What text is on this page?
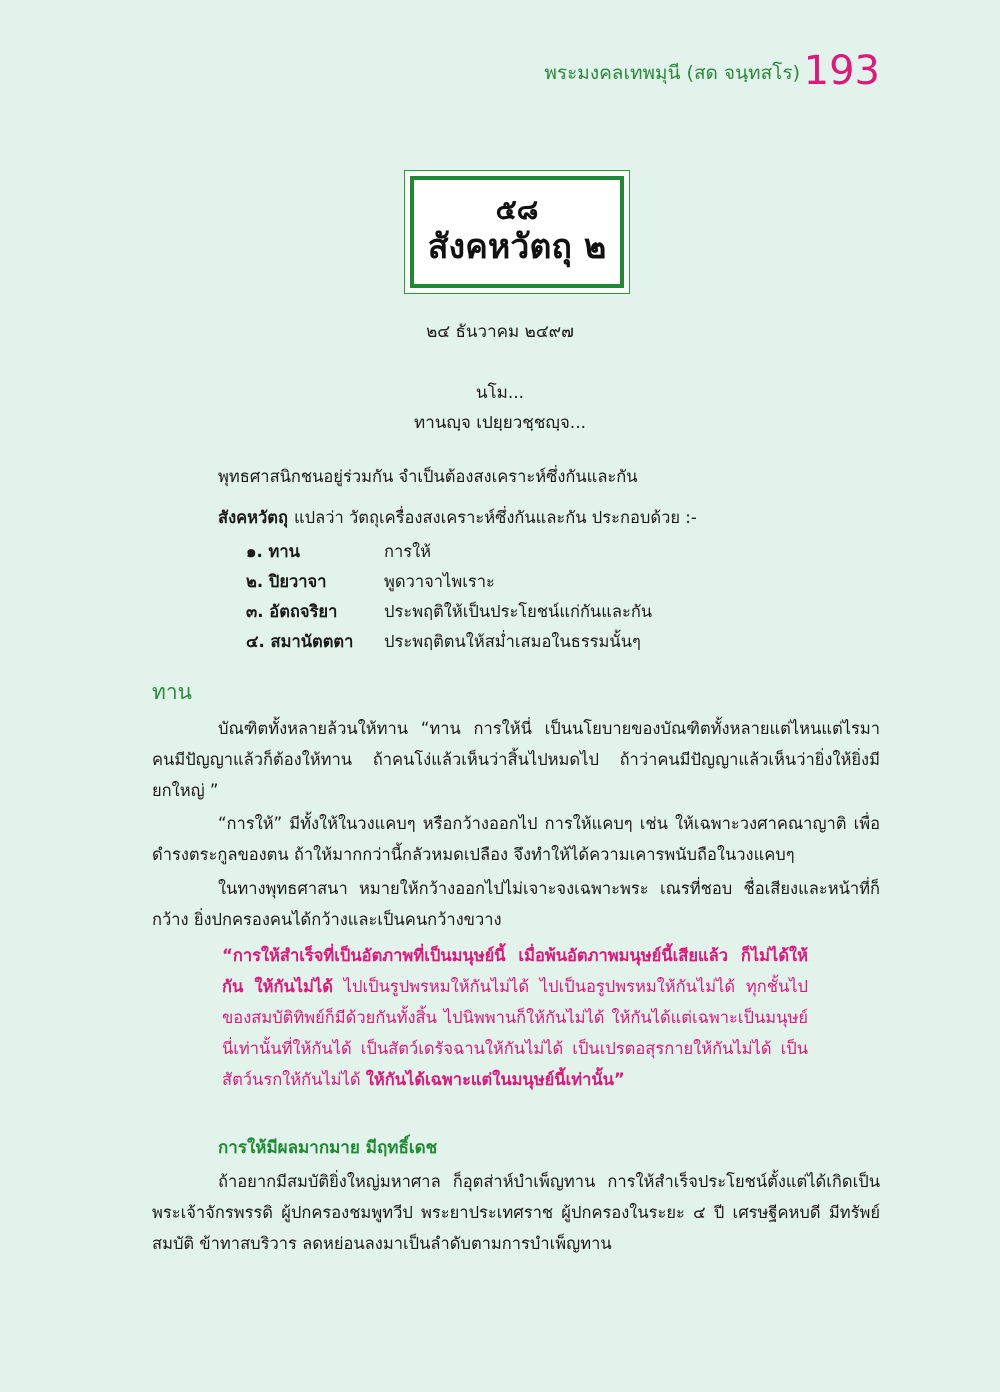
พระมงคลเทพมุนี (สด จนฺทสโร) 193
๕๘
สังคหวัตถุ ๒
๒๔ ธันวาคม ๒๔๙๗
นโม...
ทานญฺจ เปยฺยวชฺชญฺจ...
พุทธศาสนิกชนอยู่ร่วมกัน จำเป็นต้องสงเคราะห์ซึ่งกันและกัน
สังคหวัตถุ แปลว่า วัตถุเครื่องสงเคราะห์ซึ่งกันและกัน ประกอบด้วย :-
๑. ทาน	การให้
๒. ปิยวาจา	พูดวาจาไพเราะ
๓. อัตถจริยา	ประพฤติให้เป็นประโยชน์แก่กันและกัน
๔. สมานัตตตา	ประพฤติตนให้สม่ำเสมอในธรรมนั้นๆ
ทาน
บัณฑิตทั้งหลายล้วนให้ทาน “ทาน การให้นี่ เป็นนโยบายของบัณฑิตทั้งหลายแต่ไหนแต่ไรมา คนมีปัญญาแล้วก็ต้องให้ทาน ถ้าคนโง่แล้วเห็นว่าสิ้นไปหมดไป ถ้าว่าคนมีปัญญาแล้วเห็นว่ายิ่งให้ยิ่งมียกใหญ่ ”
“การให้” มีทั้งให้ในวงแคบๆ หรือกว้างออกไป การให้แคบๆ เช่น ให้เฉพาะวงศาคณาญาติ เพื่อดำรงตระกูลของตน ถ้าให้มากกว่านี้กลัวหมดเปลือง จึงทำให้ได้ความเคารพนับถือในวงแคบๆ
ในทางพุทธศาสนา หมายให้กว้างออกไปไม่เจาะจงเฉพาะพระ เณรที่ชอบ ชื่อเสียงและหน้าที่ก็กว้าง ยิ่งปกครองคนได้กว้างและเป็นคนกว้างขวาง
“การให้สำเร็จที่เป็นอัตภาพที่เป็นมนุษย์นี้ เมื่อพ้นอัตภาพมนุษย์นี้เสียแล้ว ก็ไม่ได้ให้กัน ให้กันไม่ได้ ไปเป็นรูปพรหมให้กันไม่ได้ ไปเป็นอรูปพรหมให้กันไม่ได้ ทุกชั้นไป ของสมบัติทิพย์ก็มีด้วยกันทั้งสิ้น ไปนิพพานก็ให้กันไม่ได้ ให้กันได้แต่เฉพาะเป็นมนุษย์นี่เท่านั้นที่ให้กันได้ เป็นสัตว์เดรัจฉานให้กันไม่ได้ เป็นเปรตอสุรกายให้กันไม่ได้ เป็นสัตว์นรกให้กันไม่ได้ ให้กันได้เฉพาะแต่ในมนุษย์นี้เท่านั้น”
การให้มีผลมากมาย มีฤทธิ์เดช
ถ้าอยากมีสมบัติยิ่งใหญ่มหาศาล ก็อุตส่าห์บำเพ็ญทาน การให้สำเร็จประโยชน์ตั้งแต่ได้เกิดเป็นพระเจ้าจักรพรรดิ ผู้ปกครองชมพูทวีป พระยาประเทศราช ผู้ปกครองในระยะ ๔ ปี เศรษฐีคหบดี มีทรัพย์สมบัติ ข้าทาสบริวาร ลดหย่อนลงมาเป็นลำดับตามการบำเพ็ญทาน
